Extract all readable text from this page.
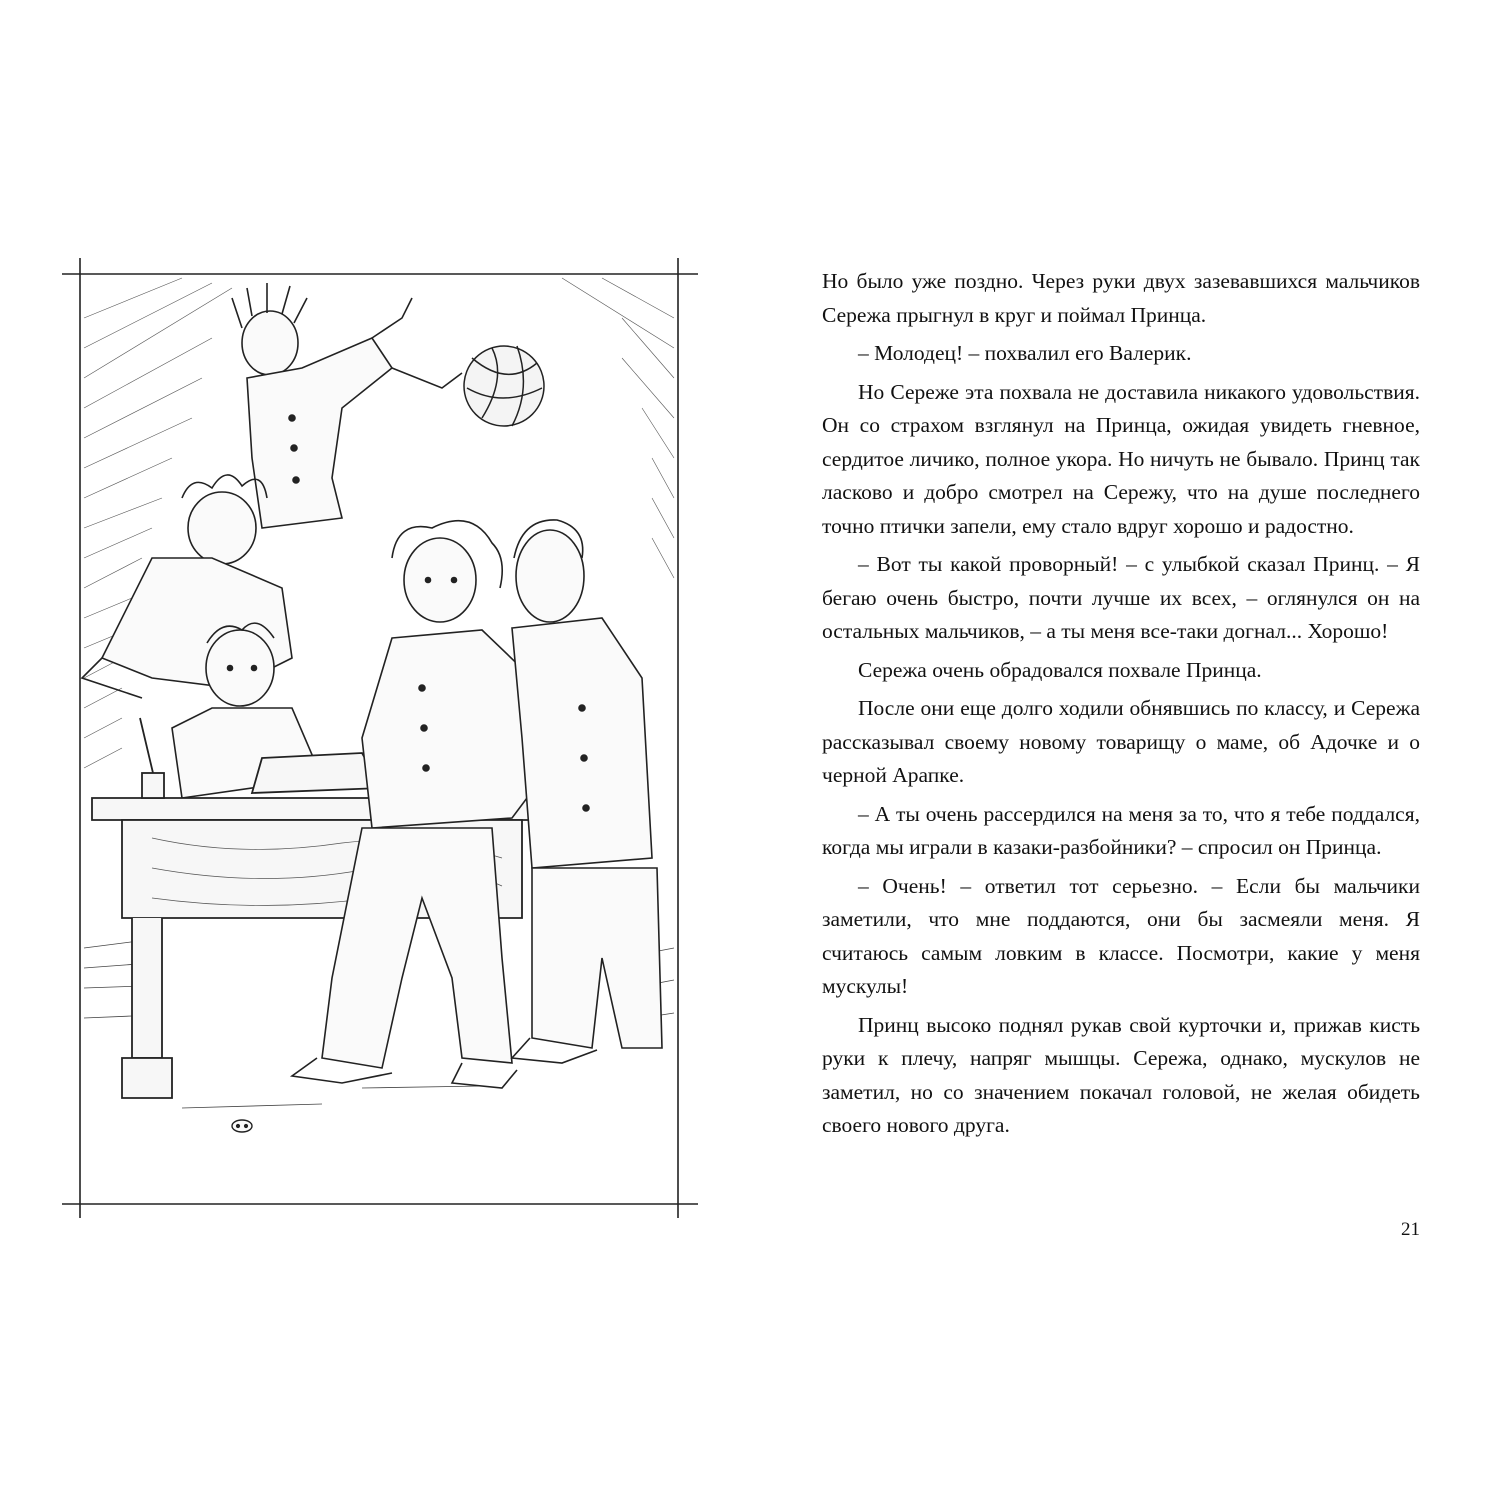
Но было уже поздно. Через руки двух зазевавшихся мальчиков Сережа прыгнул в круг и поймал Принца.

– Молодец! – похвалил его Валерик.

Но Сереже эта похвала не доставила никакого удовольствия. Он со страхом взглянул на Принца, ожидая увидеть гневное, сердитое личико, полное укора. Но ничуть не бывало. Принц так ласково и добро смотрел на Сережу, что на душе последнего точно птички запели, ему стало вдруг хорошо и радостно.

– Вот ты какой проворный! – с улыбкой сказал Принц. – Я бегаю очень быстро, почти лучше их всех, – оглянулся он на остальных мальчиков, – а ты меня все-таки догнал... Хорошо!

Сережа очень обрадовался похвале Принца.

После они еще долго ходили обнявшись по классу, и Сережа рассказывал своему новому товарищу о маме, об Адочке и о черной Арапке.

– А ты очень рассердился на меня за то, что я тебе поддался, когда мы играли в казаки-разбойники? – спросил он Принца.

– Очень! – ответил тот серьезно. – Если бы мальчики заметили, что мне поддаются, они бы засмеяли меня. Я считаюсь самым ловким в классе. Посмотри, какие у меня мускулы!

Принц высоко поднял рукав свой курточки и, прижав кисть руки к плечу, напряг мышцы. Сережа, однако, мускулов не заметил, но со значением покачал головой, не желая обидеть своего нового друга.

21
